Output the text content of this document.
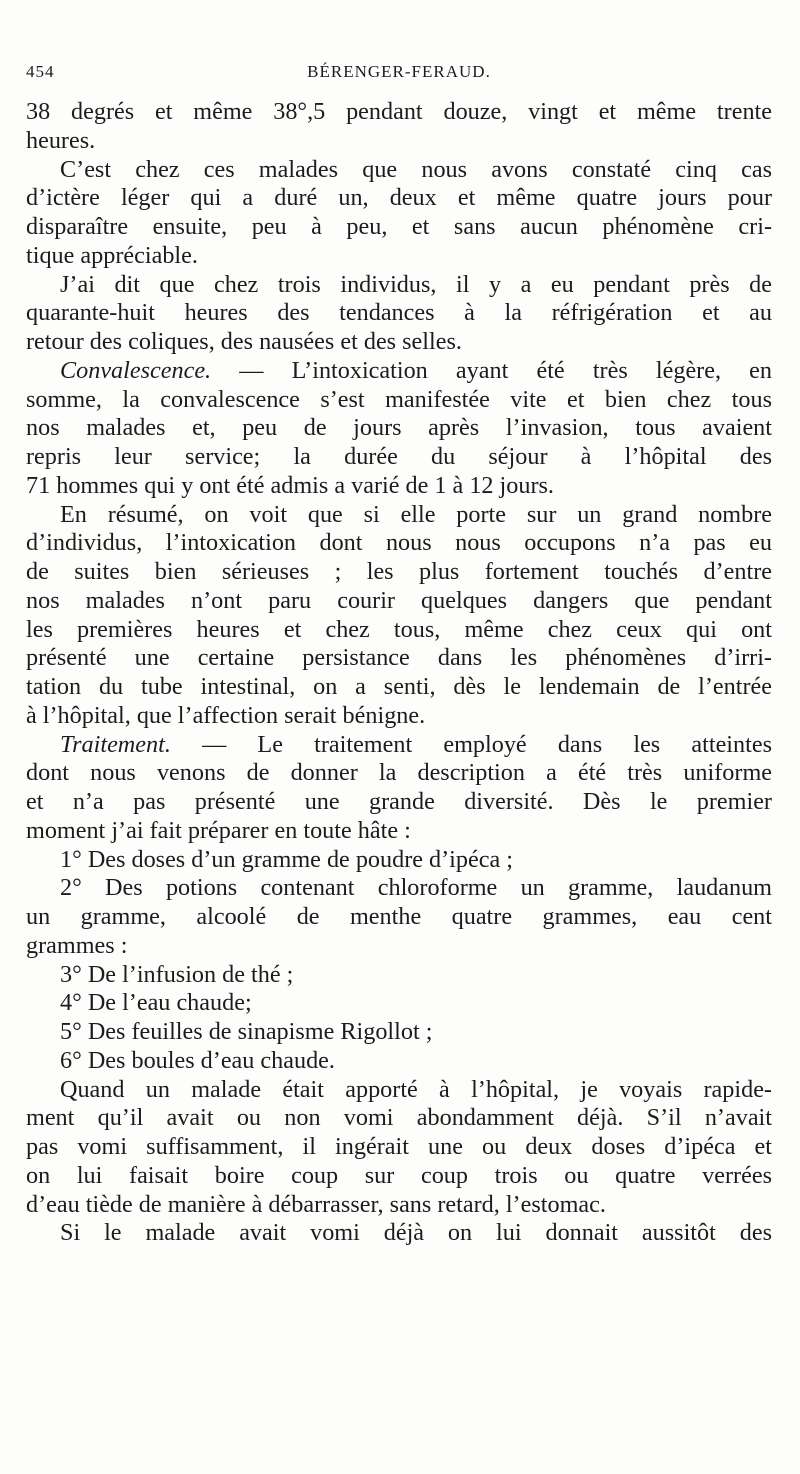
454	BÉRENGER-FERAUD.
38 degrés et même 38°,5 pendant douze, vingt et même trente
heures.
C’est chez ces malades que nous avons constaté cinq cas
d’ictère léger qui a duré un, deux et même quatre jours pour
disparaître ensuite, peu à peu, et sans aucun phénomène cri-
tique appréciable.
J’ai dit que chez trois individus, il y a eu pendant près de
quarante-huit heures des tendances à la réfrigération et au
retour des coliques, des nausées et des selles.
Convalescence. — L’intoxication ayant été très légère, en
somme, la convalescence s’est manifestée vite et bien chez tous
nos malades et, peu de jours après l’invasion, tous avaient
repris leur service; la durée du séjour à l’hôpital des
71 hommes qui y ont été admis a varié de 1 à 12 jours.
En résumé, on voit que si elle porte sur un grand nombre
d’individus, l’intoxication dont nous nous occupons n’a pas eu
de suites bien sérieuses ; les plus fortement touchés d’entre
nos malades n’ont paru courir quelques dangers que pendant
les premières heures et chez tous, même chez ceux qui ont
présenté une certaine persistance dans les phénomènes d’irri-
tation du tube intestinal, on a senti, dès le lendemain de l’entrée
à l’hôpital, que l’affection serait bénigne.
Traitement. — Le traitement employé dans les atteintes
dont nous venons de donner la description a été très uniforme
et n’a pas présenté une grande diversité. Dès le premier
moment j’ai fait préparer en toute hâte :
1° Des doses d’un gramme de poudre d’ipéca ;
2° Des potions contenant chloroforme un gramme, laudanum
un gramme, alcoolé de menthe quatre grammes, eau cent
grammes :
3° De l’infusion de thé ;
4° De l’eau chaude;
5° Des feuilles de sinapisme Rigollot ;
6° Des boules d’eau chaude.
Quand un malade était apporté à l’hôpital, je voyais rapide-
ment qu’il avait ou non vomi abondamment déjà. S’il n’avait
pas vomi suffisamment, il ingérait une ou deux doses d’ipéca et
on lui faisait boire coup sur coup trois ou quatre verrées
d’eau tiède de manière à débarrasser, sans retard, l’estomac.
Si le malade avait vomi déjà on lui donnait aussitôt des
